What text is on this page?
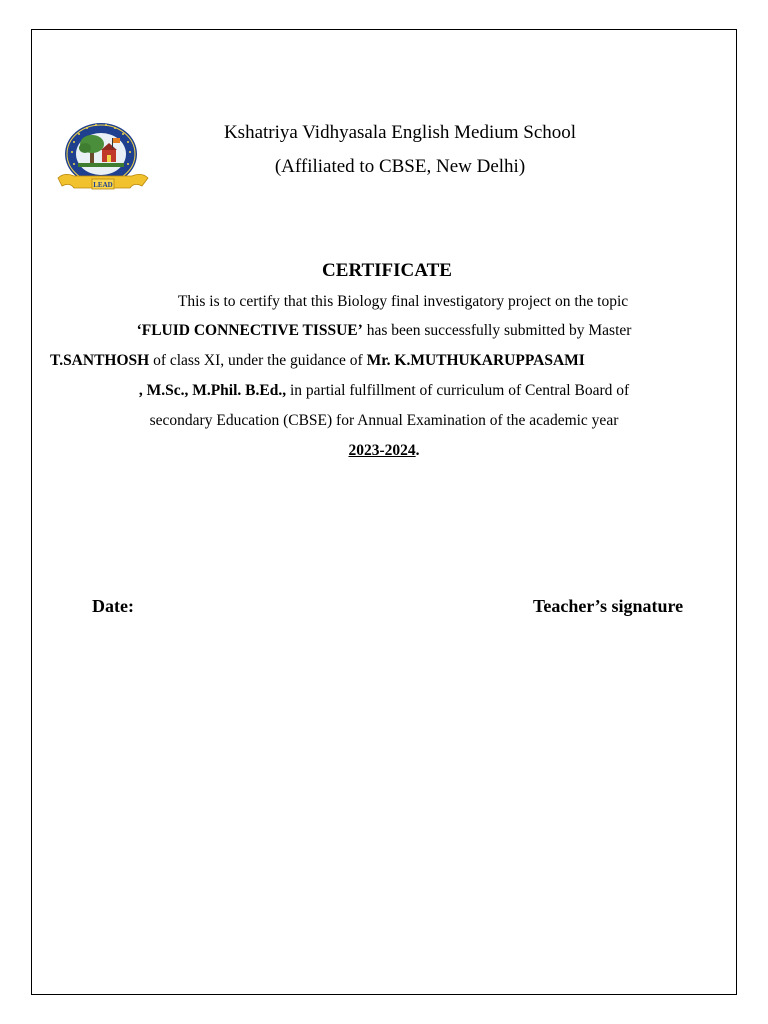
LEAD
Kshatriya Vidhyasala English Medium School
(Affiliated to CBSE, New Delhi)
CERTIFICATE
This is to certify that this Biology final investigatory project on the topic
‘FLUID CONNECTIVE TISSUE’ has been successfully submitted by Master
T.SANTHOSH of class XI, under the guidance of Mr. K.MUTHUKARUPPASAMI
, M.Sc., M.Phil. B.Ed., in partial fulfillment of curriculum of Central Board of
secondary Education (CBSE) for Annual Examination of the academic year
2023-2024.
Date:	Teacher’s signature
